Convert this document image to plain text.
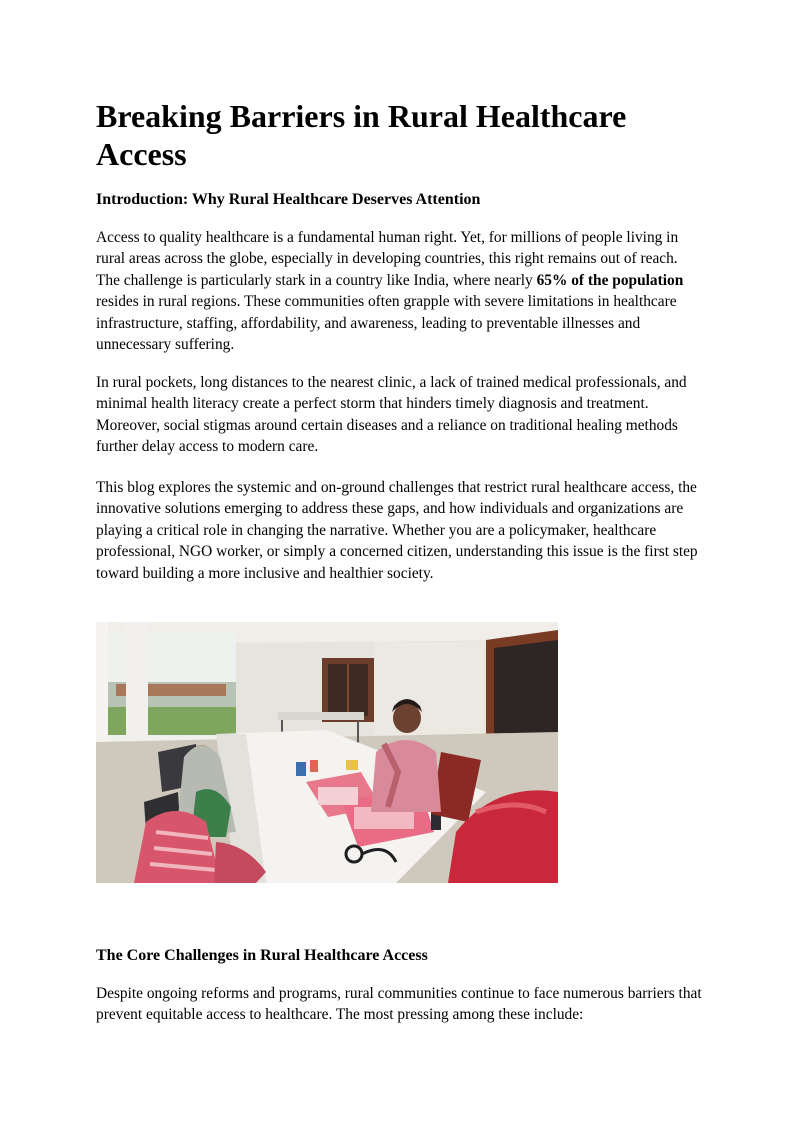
Breaking Barriers in Rural Healthcare Access
Introduction: Why Rural Healthcare Deserves Attention

Access to quality healthcare is a fundamental human right. Yet, for millions of people living in rural areas across the globe, especially in developing countries, this right remains out of reach. The challenge is particularly stark in a country like India, where nearly 65% of the population resides in rural regions. These communities often grapple with severe limitations in healthcare infrastructure, staffing, affordability, and awareness, leading to preventable illnesses and unnecessary suffering.

In rural pockets, long distances to the nearest clinic, a lack of trained medical professionals, and minimal health literacy create a perfect storm that hinders timely diagnosis and treatment. Moreover, social stigmas around certain diseases and a reliance on traditional healing methods further delay access to modern care.

This blog explores the systemic and on-ground challenges that restrict rural healthcare access, the innovative solutions emerging to address these gaps, and how individuals and organizations are playing a critical role in changing the narrative. Whether you are a policymaker, healthcare professional, NGO worker, or simply a concerned citizen, understanding this issue is the first step toward building a more inclusive and healthier society.

The Core Challenges in Rural Healthcare Access

Despite ongoing reforms and programs, rural communities continue to face numerous barriers that prevent equitable access to healthcare. The most pressing among these include:
